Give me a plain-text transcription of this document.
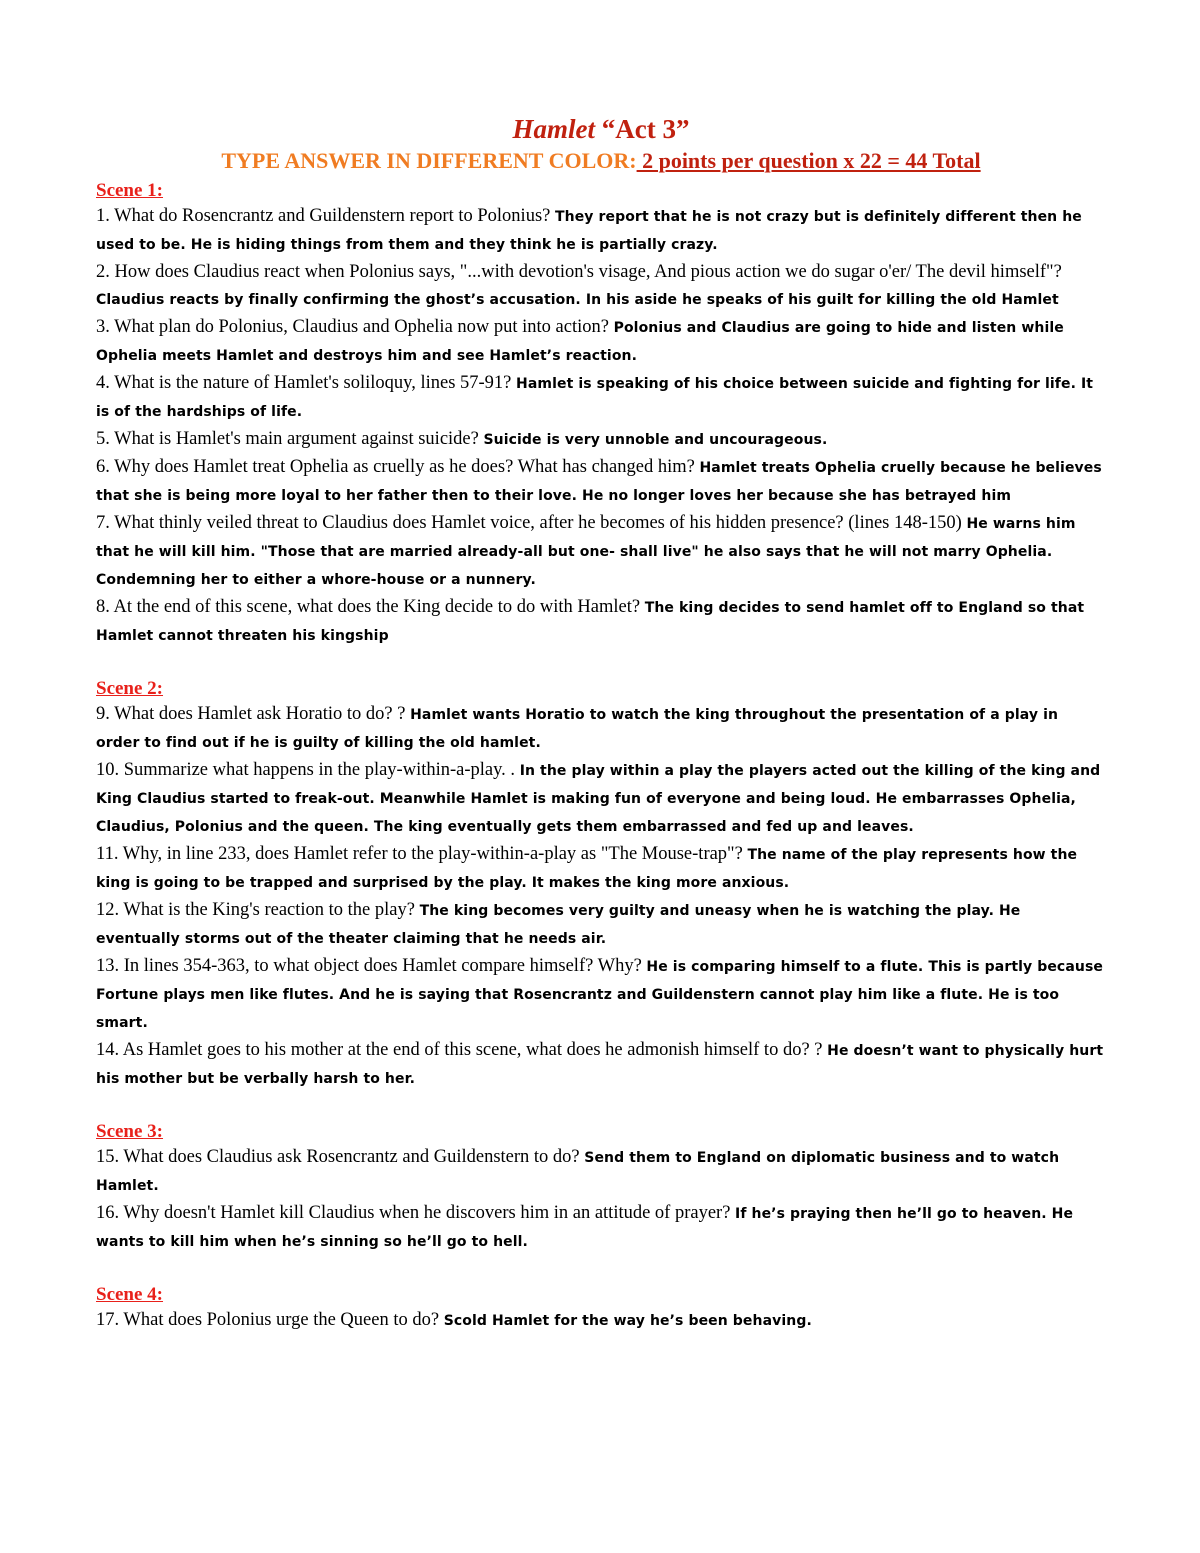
Hamlet “Act 3”

TYPE ANSWER IN DIFFERENT COLOR: 2 points per question x 22 = 44 Total

Scene 1:

1. What do Rosencrantz and Guildenstern report to Polonius? They report that he is not crazy but is definitely different then he used to be. He is hiding things from them and they think he is partially crazy.

2. How does Claudius react when Polonius says, "...with devotion's visage, And pious action we do sugar o'er/ The devil himself"? Claudius reacts by finally confirming the ghost’s accusation. In his aside he speaks of his guilt for killing the old Hamlet

3. What plan do Polonius, Claudius and Ophelia now put into action? Polonius and Claudius are going to hide and listen while Ophelia meets Hamlet and destroys him and see Hamlet’s reaction.

4. What is the nature of Hamlet's soliloquy, lines 57-91? Hamlet is speaking of his choice between suicide and fighting for life. It is of the hardships of life.

5. What is Hamlet's main argument against suicide? Suicide is very unnoble and uncourageous.

6. Why does Hamlet treat Ophelia as cruelly as he does? What has changed him? Hamlet treats Ophelia cruelly because he believes that she is being more loyal to her father then to their love. He no longer loves her because she has betrayed him

7. What thinly veiled threat to Claudius does Hamlet voice, after he becomes of his hidden presence? (lines 148-150) He warns him that he will kill him. "Those that are married already-all but one- shall live" he also says that he will not marry Ophelia. Condemning her to either a whore-house or a nunnery.

8. At the end of this scene, what does the King decide to do with Hamlet? The king decides to send hamlet off to England so that Hamlet cannot threaten his kingship

Scene 2:

9. What does Hamlet ask Horatio to do? ? Hamlet wants Horatio to watch the king throughout the presentation of a play in order to find out if he is guilty of killing the old hamlet.

10. Summarize what happens in the play-within-a-play. . In the play within a play the players acted out the killing of the king and King Claudius started to freak-out. Meanwhile Hamlet is making fun of everyone and being loud. He embarrasses Ophelia, Claudius, Polonius and the queen. The king eventually gets them embarrassed and fed up and leaves.

11. Why, in line 233, does Hamlet refer to the play-within-a-play as "The Mouse-trap"? The name of the play represents how the king is going to be trapped and surprised by the play. It makes the king more anxious.

12. What is the King's reaction to the play? The king becomes very guilty and uneasy when he is watching the play. He eventually storms out of the theater claiming that he needs air.

13. In lines 354-363, to what object does Hamlet compare himself? Why? He is comparing himself to a flute. This is partly because Fortune plays men like flutes. And he is saying that Rosencrantz and Guildenstern cannot play him like a flute. He is too smart.

14. As Hamlet goes to his mother at the end of this scene, what does he admonish himself to do? ? He doesn’t want to physically hurt his mother but be verbally harsh to her.

Scene 3:

15. What does Claudius ask Rosencrantz and Guildenstern to do? Send them to England on diplomatic business and to watch Hamlet.

16. Why doesn't Hamlet kill Claudius when he discovers him in an attitude of prayer? If he’s praying then he’ll go to heaven. He wants to kill him when he’s sinning so he’ll go to hell.

Scene 4:

17. What does Polonius urge the Queen to do? Scold Hamlet for the way he’s been behaving.
